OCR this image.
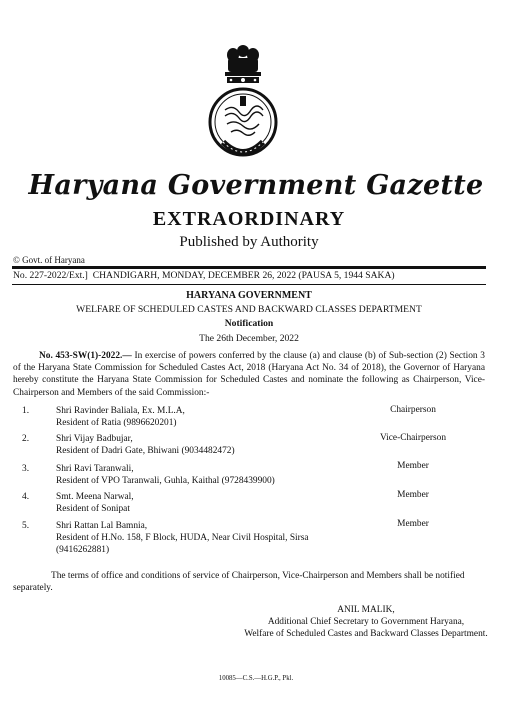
Haryana Government Gazette
EXTRAORDINARY
Published by Authority
© Govt. of Haryana
No. 227-2022/Ext.] CHANDIGARH, MONDAY, DECEMBER 26, 2022 (PAUSA 5, 1944 SAKA)
HARYANA GOVERNMENT
WELFARE OF SCHEDULED CASTES AND BACKWARD CLASSES DEPARTMENT
Notification
The 26th December, 2022
No. 453-SW(1)-2022.— In exercise of powers conferred by the clause (a) and clause (b) of Sub-section (2) Section 3 of the Haryana State Commission for Scheduled Castes Act, 2018 (Haryana Act No. 34 of 2018), the Governor of Haryana hereby constitute the Haryana State Commission for Scheduled Castes and nominate the following as Chairperson, Vice-Chairperson and Members of the said Commission:-
1.	Shri Ravinder Baliala, Ex. M.L.A,
Resident of Ratia (9896620201)
Chairperson
2.	Shri Vijay Badbujar,
Resident of Dadri Gate, Bhiwani (9034482472)
Vice-Chairperson
3.	Shri Ravi Taranwali,
Resident of VPO Taranwali, Guhla, Kaithal (9728439900)
Member
4.	Smt. Meena Narwal,
Resident of Sonipat
Member
5.	Shri Rattan Lal Bamnia,
Resident of H.No. 158, F Block, HUDA, Near Civil Hospital, Sirsa
(9416262881)
Member
The terms of office and conditions of service of Chairperson, Vice-Chairperson and Members shall be notified separately.
ANIL MALIK,
Additional Chief Secretary to Government Haryana,
Welfare of Scheduled Castes and Backward Classes Department.
10085—C.S.—H.G.P., Pkl.
